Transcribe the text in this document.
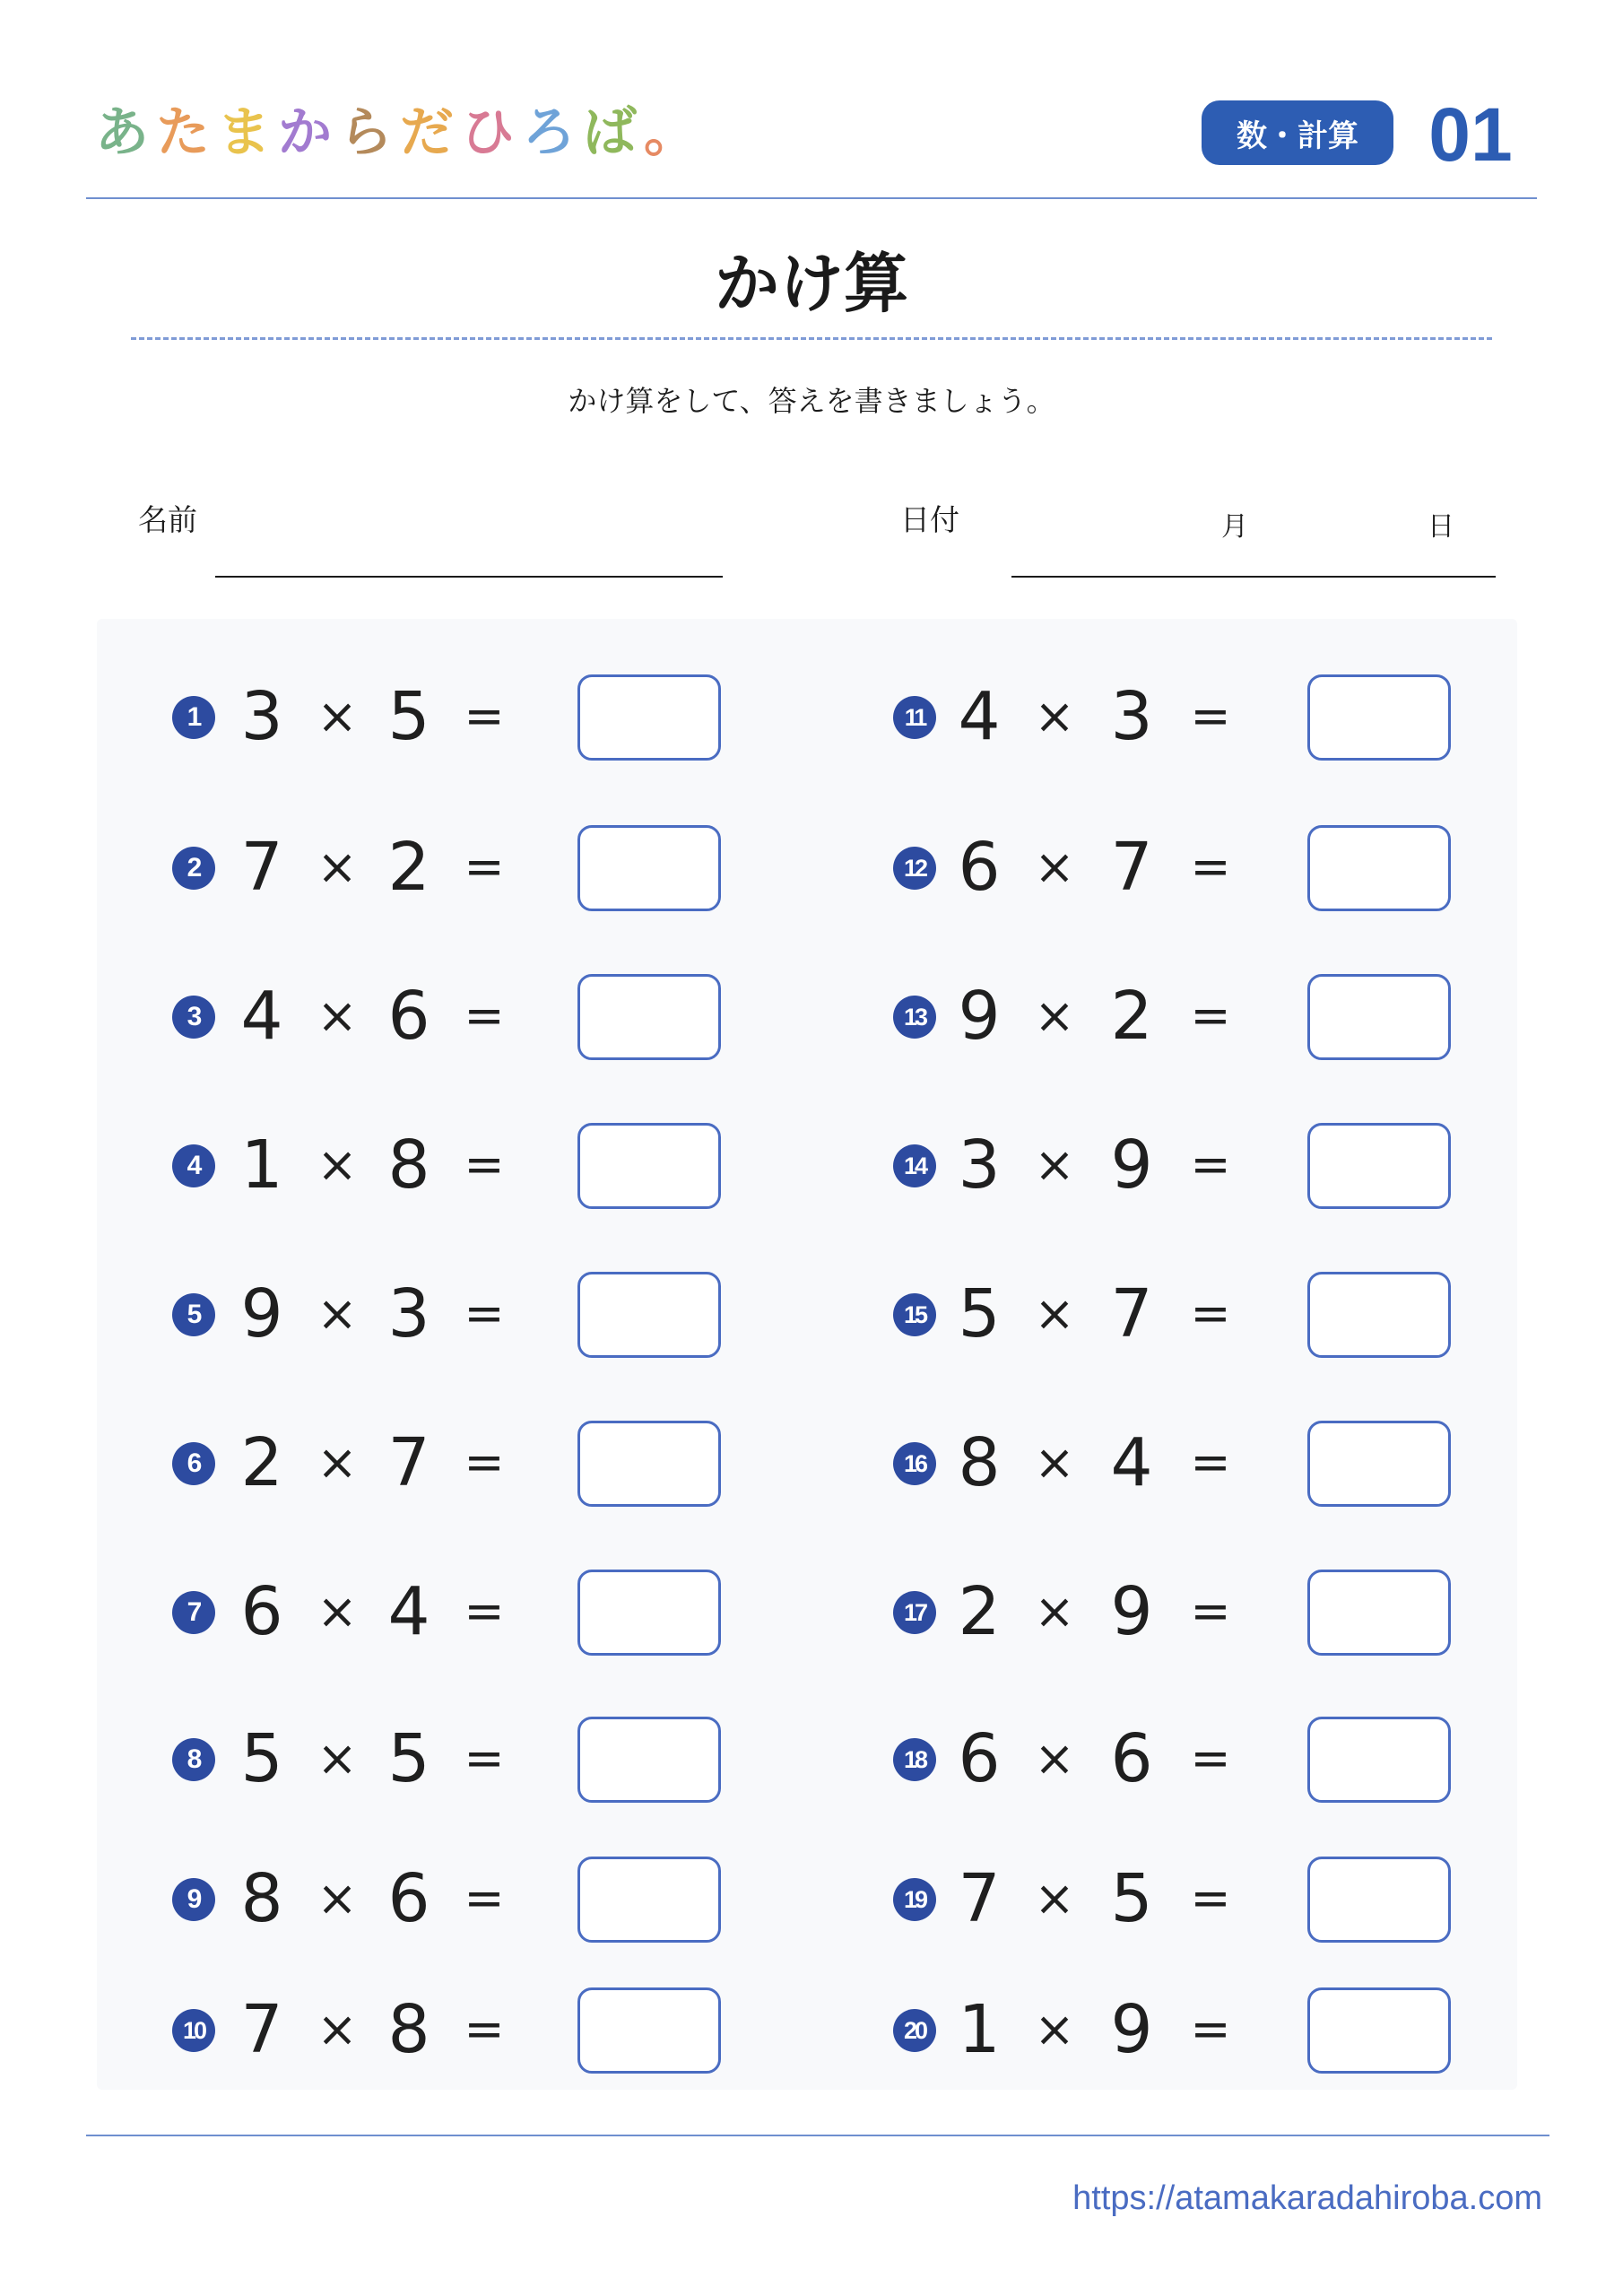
あ た ま か ら だ ひ ろ ば 。	数・計算 01
かけ算
かけ算をして、答えを書きましょう。
名前	日付	月	日
1 3 × 5 =
2 7 × 2 =
3 4 × 6 =
4 1 × 8 =
5 9 × 3 =
6 2 × 7 =
7 6 × 4 =
8 5 × 5 =
9 8 × 6 =
10 7 × 8 =
11 4 × 3 =
12 6 × 7 =
13 9 × 2 =
14 3 × 9 =
15 5 × 7 =
16 8 × 4 =
17 2 × 9 =
18 6 × 6 =
19 7 × 5 =
20 1 × 9 =
https://atamakaradahiroba.com
